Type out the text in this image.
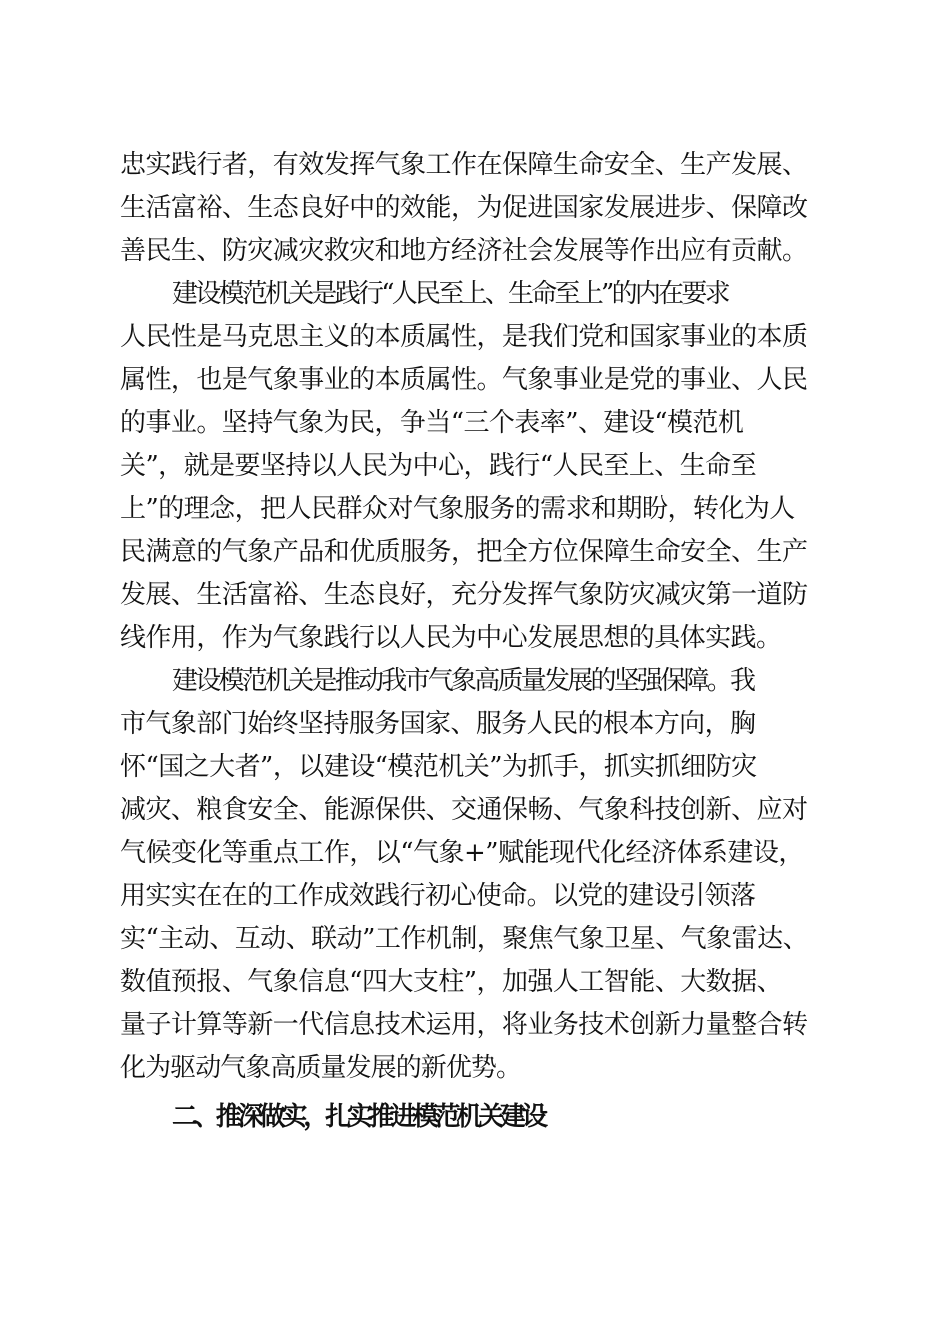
忠实践行者，有效发挥气象工作在保障生命安全、生产发展、
生活富裕、生态良好中的效能，为促进国家发展进步、保障改
善民生、防灾减灾救灾和地方经济社会发展等作出应有贡献。
建设模范机关是践行“人民至上、生命至上”的内在要求
人民性是马克思主义的本质属性，是我们党和国家事业的本质
属性，也是气象事业的本质属性。气象事业是党的事业、人民
的事业。坚持气象为民，争当“三个表率”、建设“模范机
关”，就是要坚持以人民为中心，践行“人民至上、生命至
上”的理念，把人民群众对气象服务的需求和期盼，转化为人
民满意的气象产品和优质服务，把全方位保障生命安全、生产
发展、生活富裕、生态良好，充分发挥气象防灾减灾第一道防
线作用，作为气象践行以人民为中心发展思想的具体实践。
建设模范机关是推动我市气象高质量发展的坚强保障。我
市气象部门始终坚持服务国家、服务人民的根本方向，胸
怀“国之大者”，以建设“模范机关”为抓手，抓实抓细防灾
减灾、粮食安全、能源保供、交通保畅、气象科技创新、应对
气候变化等重点工作，以“气象+”赋能现代化经济体系建设，
用实实在在的工作成效践行初心使命。以党的建设引领落
实“主动、互动、联动”工作机制，聚焦气象卫星、气象雷达、
数值预报、气象信息“四大支柱”，加强人工智能、大数据、
量子计算等新一代信息技术运用，将业务技术创新力量整合转
化为驱动气象高质量发展的新优势。
二、推深做实，扎实推进模范机关建设
